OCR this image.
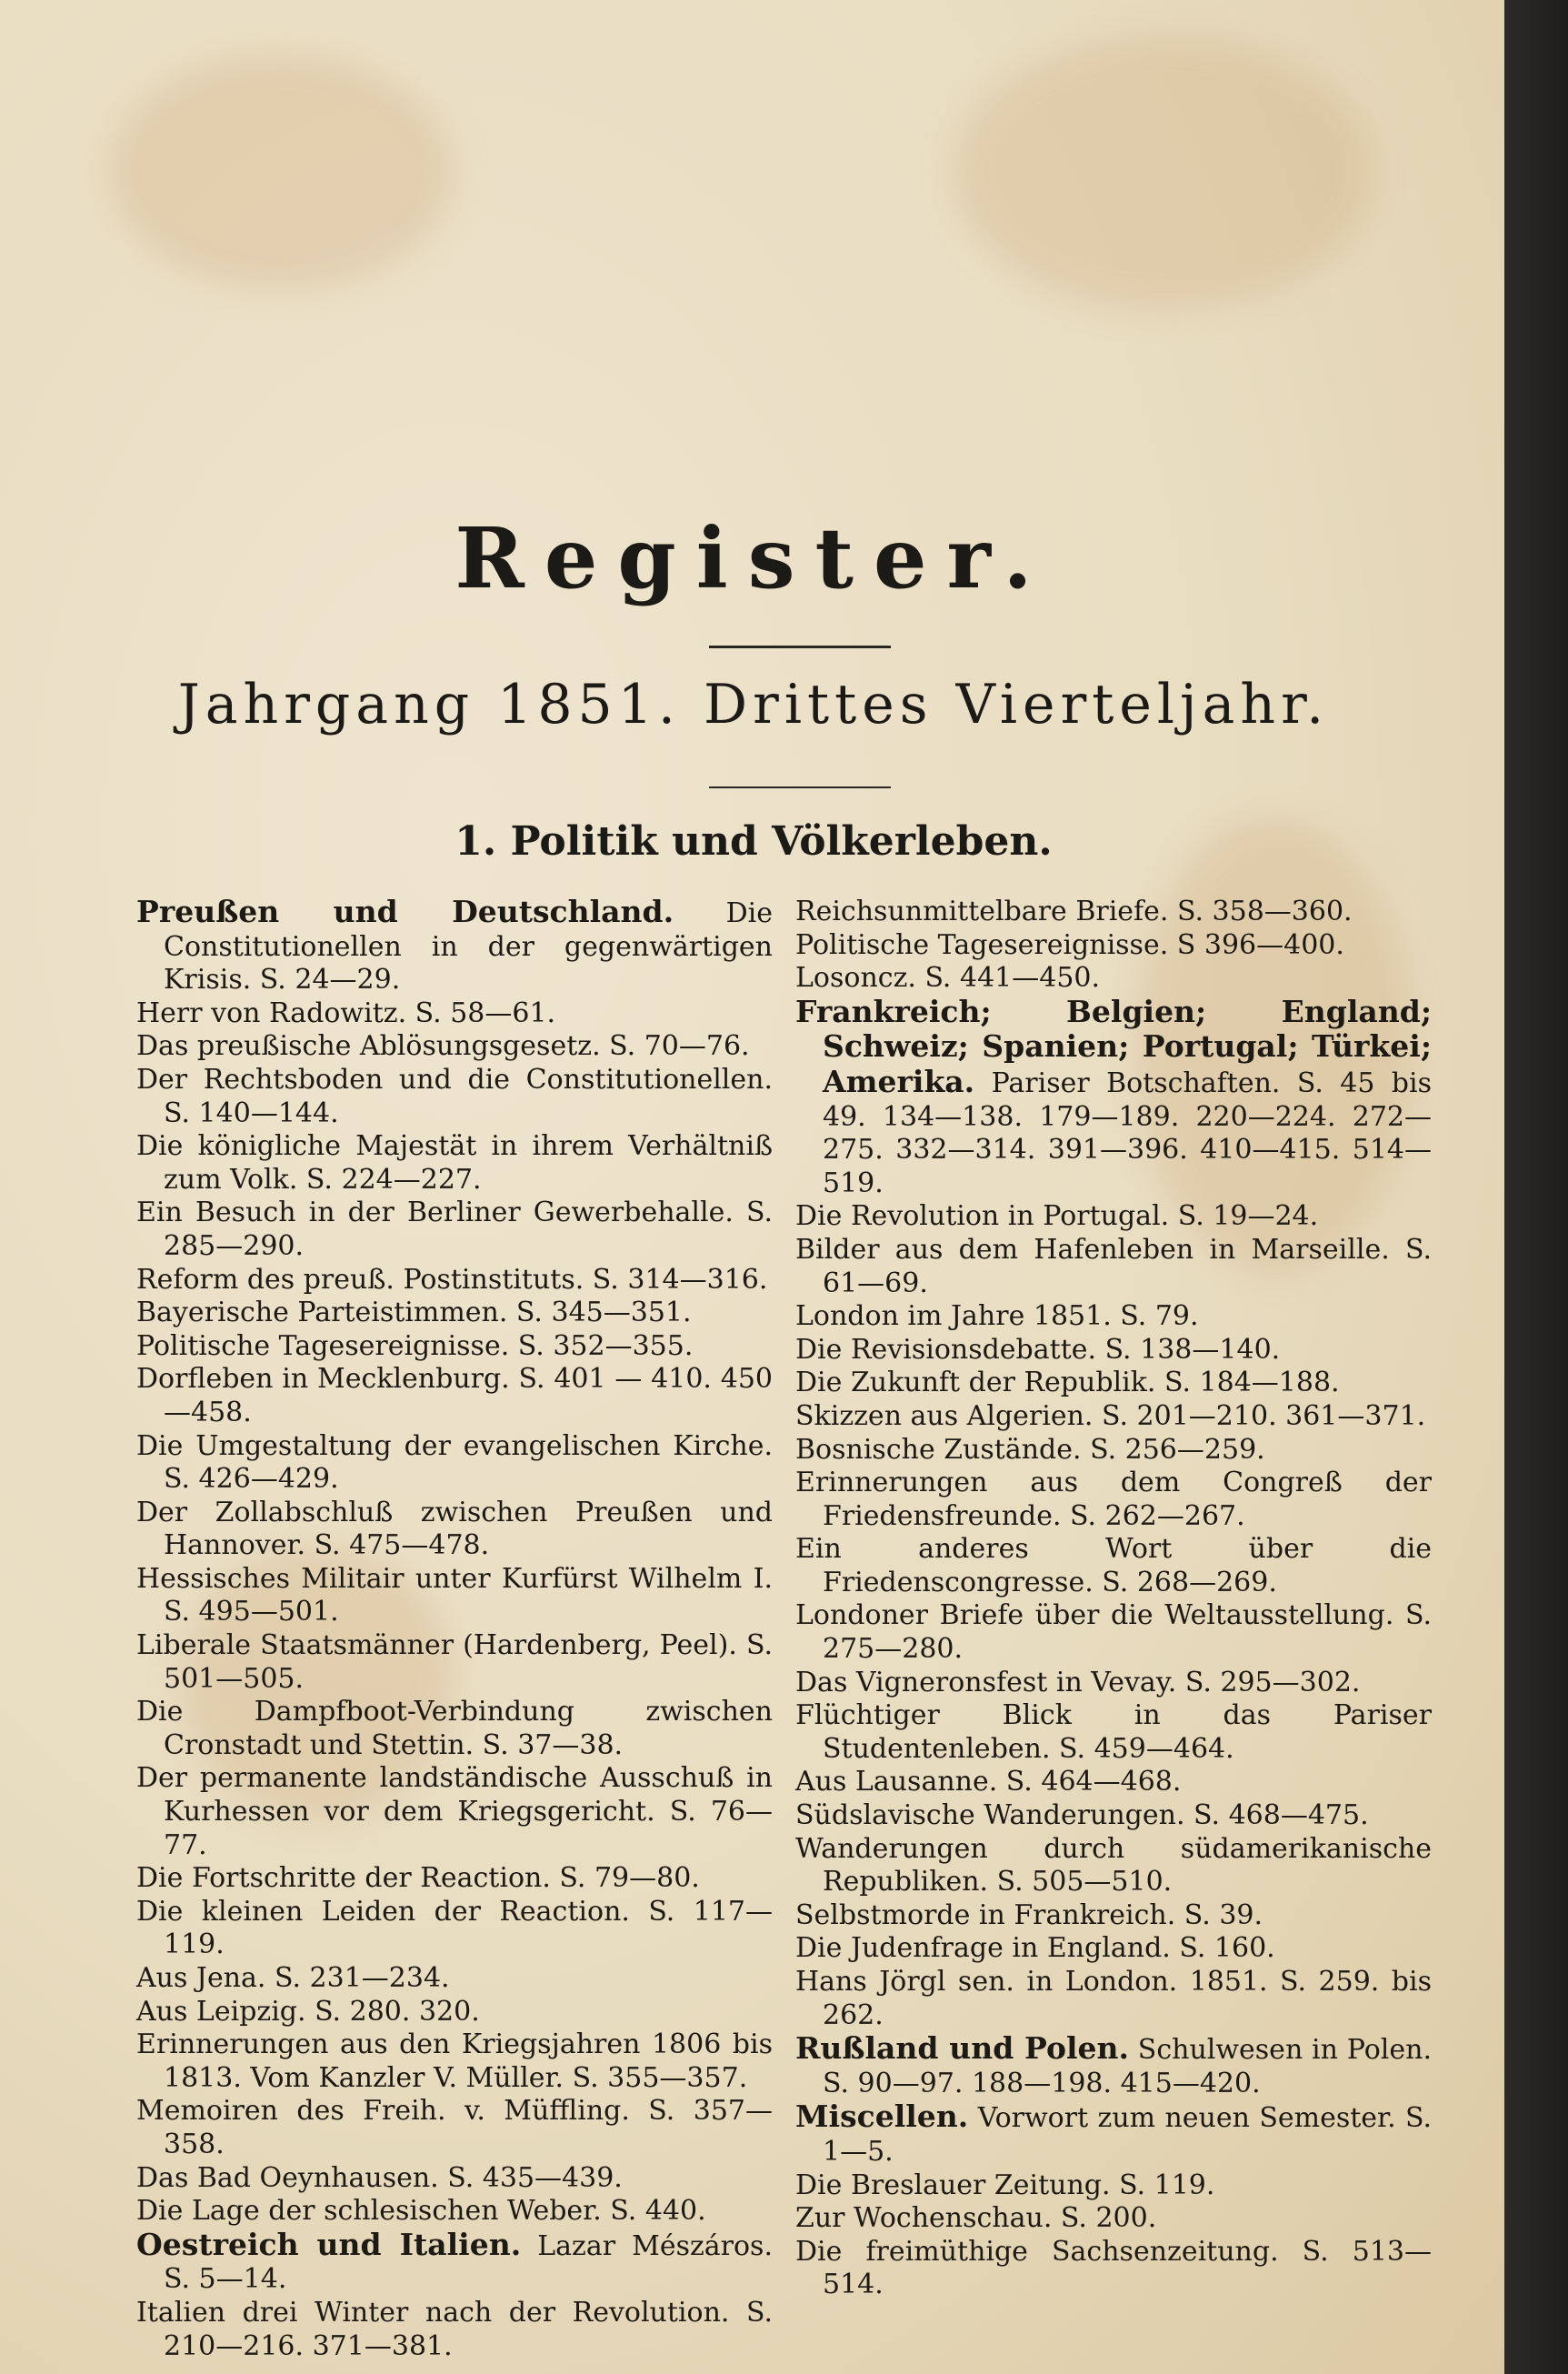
Register.
Jahrgang 1851. Drittes Vierteljahr.
1. Politik und Völkerleben.

Preußen und Deutschland. Die Constitutionellen in der gegenwärtigen Krisis. S. 24—29.

Herr von Radowitz. S. 58—61.

Das preußische Ablösungsgesetz. S. 70—76.

Der Rechtsboden und die Constitutionellen. S. 140—144.

Die königliche Majestät in ihrem Verhältniß zum Volk. S. 224—227.

Ein Besuch in der Berliner Gewerbehalle. S. 285—290.

Reform des preuß. Postinstituts. S. 314—316.

Bayerische Parteistimmen. S. 345—351.

Politische Tagesereignisse. S. 352—355.

Dorfleben in Mecklenburg. S. 401 — 410. 450—458.

Die Umgestaltung der evangelischen Kirche. S. 426—429.

Der Zollabschluß zwischen Preußen und Hannover. S. 475—478.

Hessisches Militair unter Kurfürst Wilhelm I. S. 495—501.

Liberale Staatsmänner (Hardenberg, Peel). S. 501—505.

Die Dampfboot-Verbindung zwischen Cronstadt und Stettin. S. 37—38.

Der permanente landständische Ausschuß in Kurhessen vor dem Kriegsgericht. S. 76—77.

Die Fortschritte der Reaction. S. 79—80.

Die kleinen Leiden der Reaction. S. 117—119.

Aus Jena. S. 231—234.

Aus Leipzig. S. 280. 320.

Erinnerungen aus den Kriegsjahren 1806 bis 1813. Vom Kanzler V. Müller. S. 355—357.

Memoiren des Freih. v. Müffling. S. 357—358.

Das Bad Oeynhausen. S. 435—439.

Die Lage der schlesischen Weber. S. 440.

Oestreich und Italien. Lazar Mészáros. S. 5—14.

Italien drei Winter nach der Revolution. S. 210—216. 371—381.

Reichsunmittelbare Briefe. S. 358—360.

Politische Tagesereignisse. S 396—400.

Losoncz. S. 441—450.

Frankreich; Belgien; England; Schweiz; Spanien; Portugal; Türkei; Amerika. Pariser Botschaften. S. 45 bis 49. 134—138. 179—189. 220—224. 272—275. 332—314. 391—396. 410—415. 514—519.

Die Revolution in Portugal. S. 19—24.

Bilder aus dem Hafenleben in Marseille. S. 61—69.

London im Jahre 1851. S. 79.

Die Revisionsdebatte. S. 138—140.

Die Zukunft der Republik. S. 184—188.

Skizzen aus Algerien. S. 201—210. 361—371.

Bosnische Zustände. S. 256—259.

Erinnerungen aus dem Congreß der Friedensfreunde. S. 262—267.

Ein anderes Wort über die Friedenscongresse. S. 268—269.

Londoner Briefe über die Weltausstellung. S. 275—280.

Das Vigneronsfest in Vevay. S. 295—302.

Flüchtiger Blick in das Pariser Studentenleben. S. 459—464.

Aus Lausanne. S. 464—468.

Südslavische Wanderungen. S. 468—475.

Wanderungen durch südamerikanische Republiken. S. 505—510.

Selbstmorde in Frankreich. S. 39.

Die Judenfrage in England. S. 160.

Hans Jörgl sen. in London. 1851. S. 259. bis 262.

Rußland und Polen. Schulwesen in Polen. S. 90—97. 188—198. 415—420.

Miscellen. Vorwort zum neuen Semester. S. 1—5.

Die Breslauer Zeitung. S. 119.

Zur Wochenschau. S. 200.

Die freimüthige Sachsenzeitung. S. 513—514.
